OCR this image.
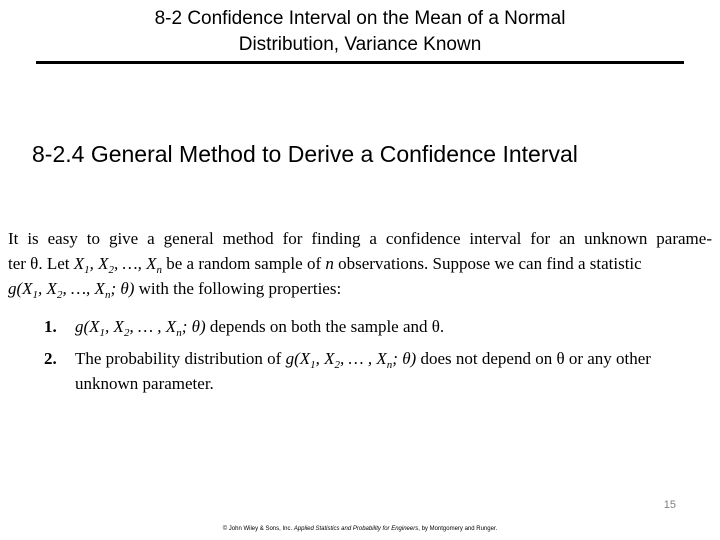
8-2 Confidence Interval on the Mean of a Normal
Distribution, Variance Known
8-2.4 General Method to Derive a Confidence Interval
It is easy to give a general method for finding a confidence interval for an unknown parame-
ter θ. Let $X_1$, $X_2$, …, $X_n$ be a random sample of n observations. Suppose we can find a statistic
$g(X_1$, $X_2$, …, $X_n$; θ) with the following properties:
1. $g(X_1$, $X_2$, … , $X_n$; θ) depends on both the sample and θ.
2. The probability distribution of $g(X_1$, $X_2$, … , $X_n$; θ) does not depend on θ or any other unknown parameter.
15
© John Wiley & Sons, Inc. Applied Statistics and Probability for Engineers, by Montgomery and Runger.
